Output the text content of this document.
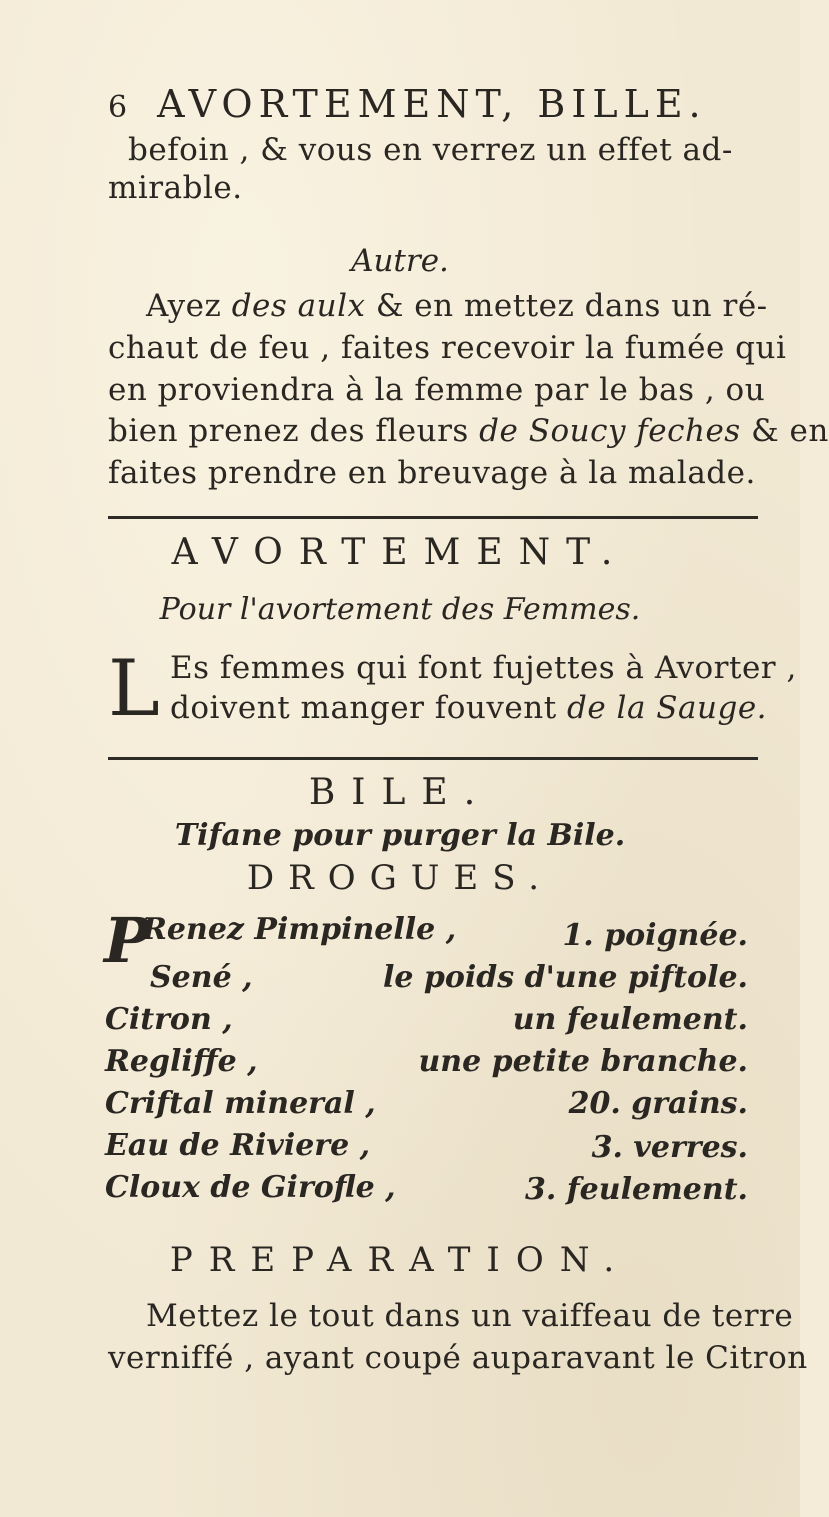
6 AVORTEMENT, BILLE.
befoin , & vous en verrez un effet ad-
mirable.
Autre.
Ayez des aulx & en mettez dans un ré-
chaut de feu , faites recevoir la fumée qui
en proviendra à la femme par le bas , ou
bien prenez des fleurs de Soucy feches & en
faites prendre en breuvage à la malade.
AVORTEMENT.
Pour l'avortement des Femmes.
L Es femmes qui font fujettes à Avorter ,
doivent manger fouvent de la Sauge.
BILE.
Tifane pour purger la Bile.
DROGUES.
P
Renez Pimpinelle ,	1. poignée.
Sené ,	le poids d'une piftole.
Citron ,	un feulement.
Regliffe ,	une petite branche.
Criftal mineral ,	20. grains.
Eau de Riviere ,	3. verres.
Cloux de Girofle ,	3. feulement.
PREPARATION.
Mettez le tout dans un vaiffeau de terre
verniffé , ayant coupé auparavant le Citron
